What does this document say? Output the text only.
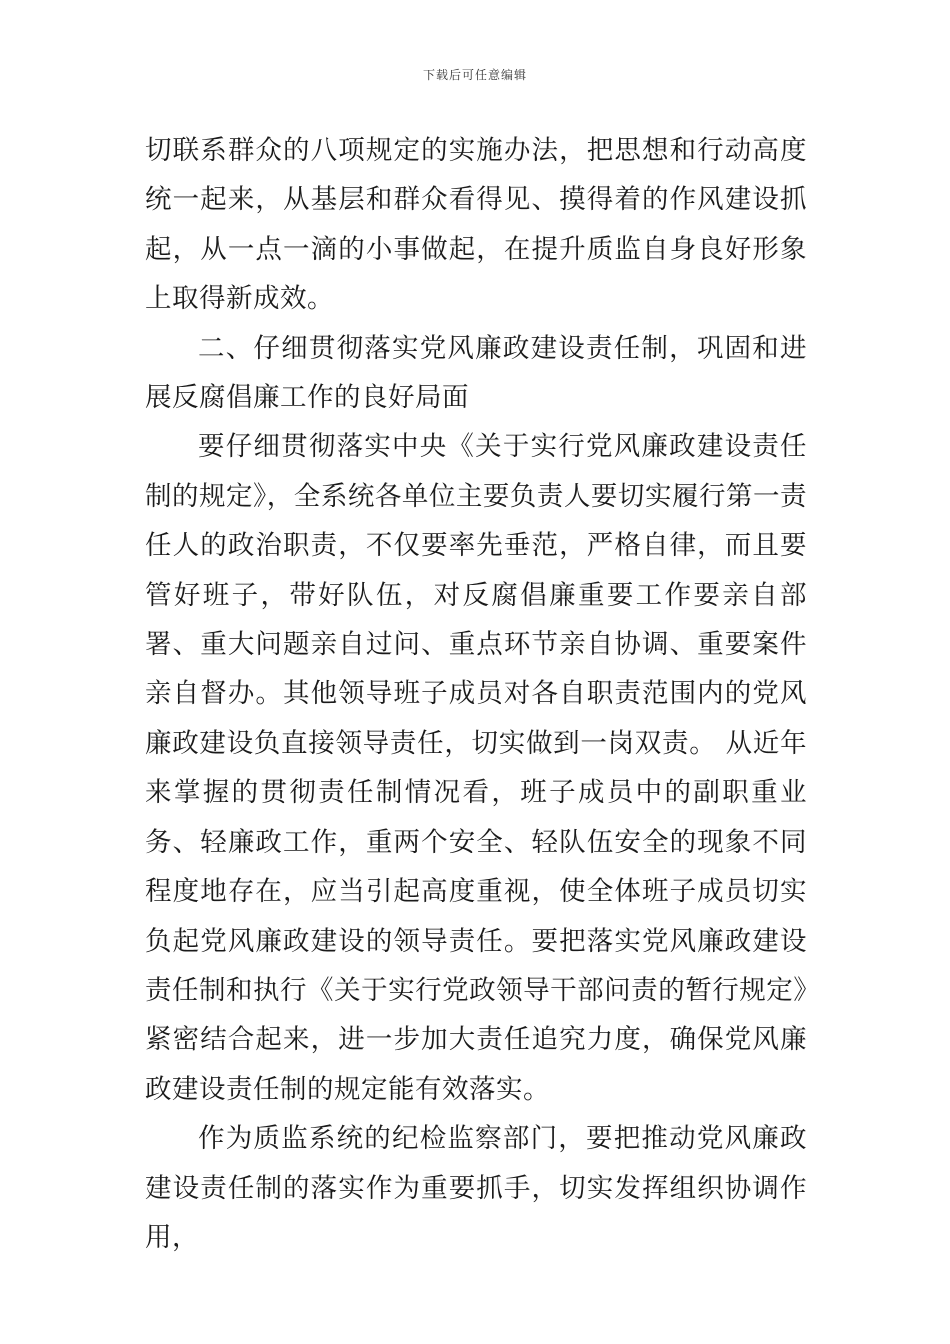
下载后可任意编辑

切联系群众的八项规定的实施办法，把思想和行动高度统一起来，从基层和群众看得见、摸得着的作风建设抓起，从一点一滴的小事做起，在提升质监自身良好形象上取得新成效。

二、仔细贯彻落实党风廉政建设责任制，巩固和进展反腐倡廉工作的良好局面

要仔细贯彻落实中央《关于实行党风廉政建设责任制的规定》，全系统各单位主要负责人要切实履行第一责任人的政治职责，不仅要率先垂范，严格自律，而且要管好班子，带好队伍，对反腐倡廉重要工作要亲自部署、重大问题亲自过问、重点环节亲自协调、重要案件亲自督办。其他领导班子成员对各自职责范围内的党风廉政建设负直接领导责任，切实做到一岗双责。 从近年来掌握的贯彻责任制情况看，班子成员中的副职重业务、轻廉政工作，重两个安全、轻队伍安全的现象不同程度地存在，应当引起高度重视，使全体班子成员切实负起党风廉政建设的领导责任。要把落实党风廉政建设责任制和执行《关于实行党政领导干部问责的暂行规定》紧密结合起来，进一步加大责任追究力度，确保党风廉政建设责任制的规定能有效落实。

作为质监系统的纪检监察部门，要把推动党风廉政建设责任制的落实作为重要抓手，切实发挥组织协调作用，
